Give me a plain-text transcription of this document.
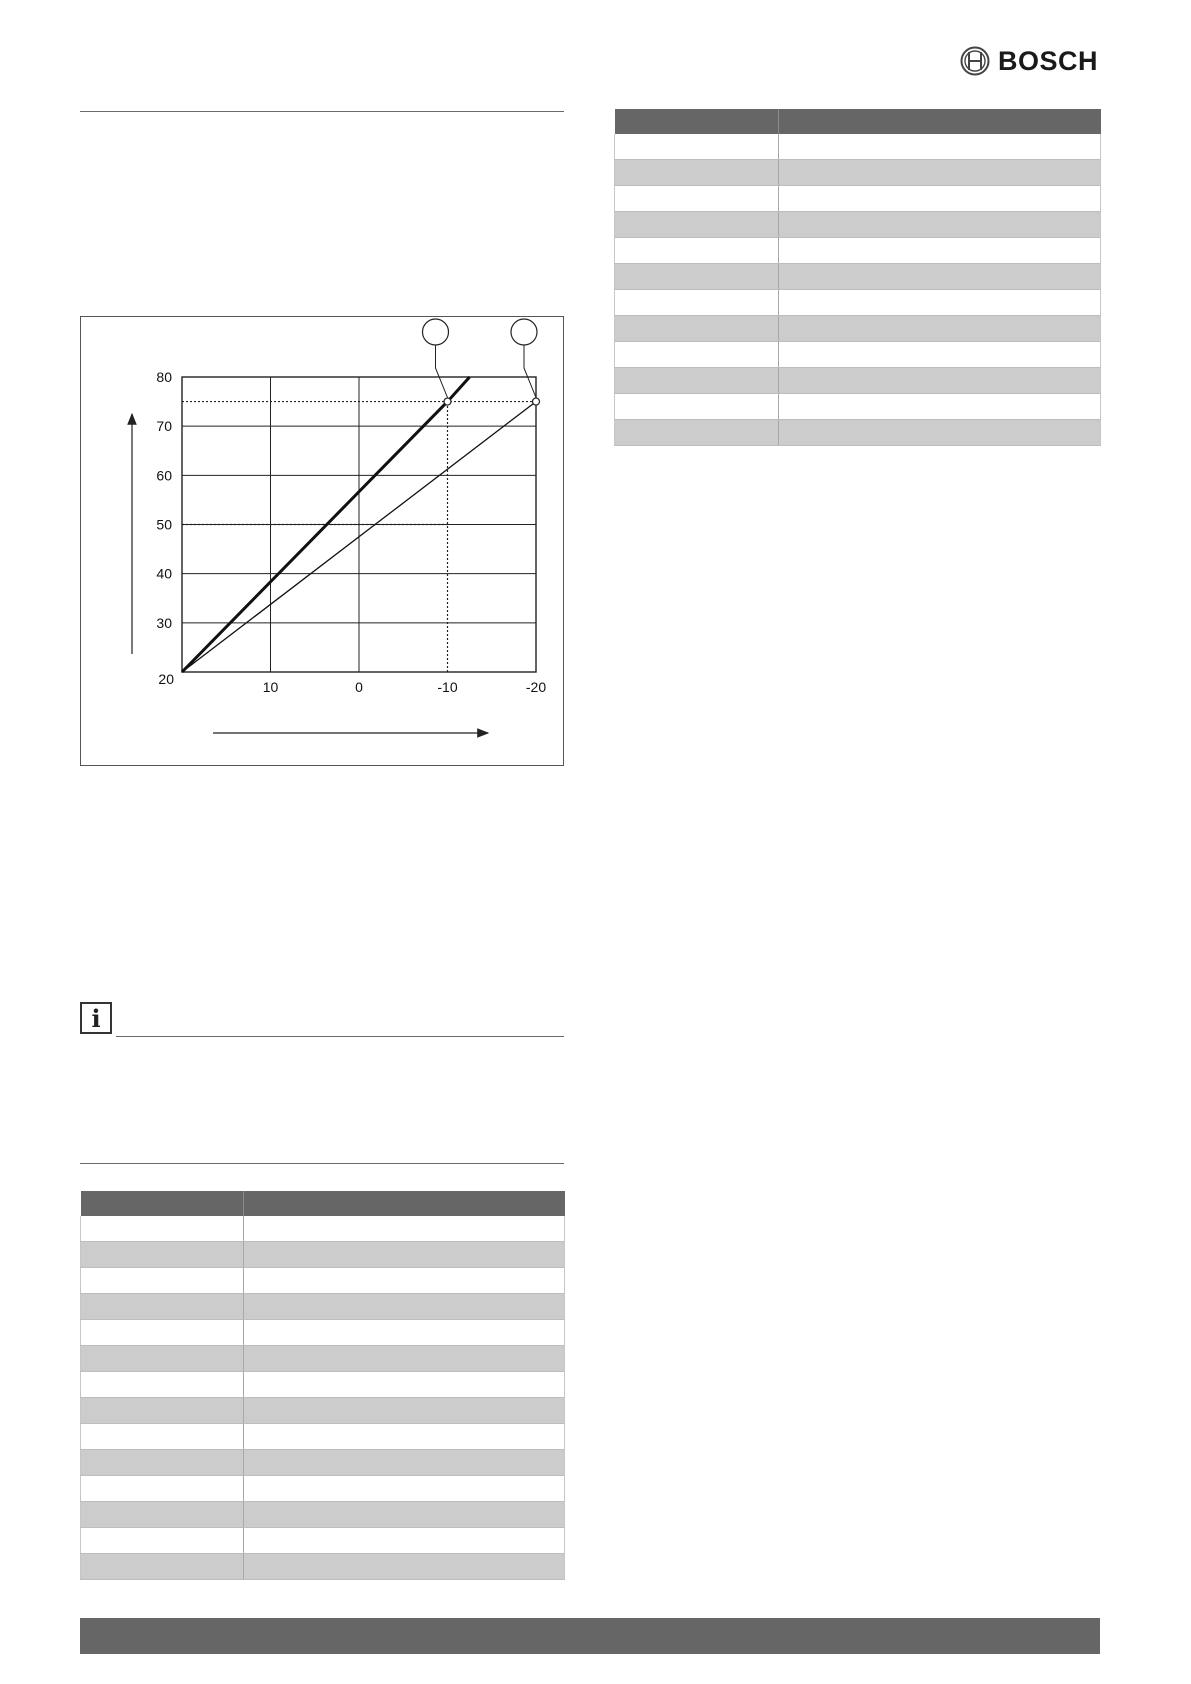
BOSCH
20
30
40
50
60
70
80
10	0	-10	-20
i
